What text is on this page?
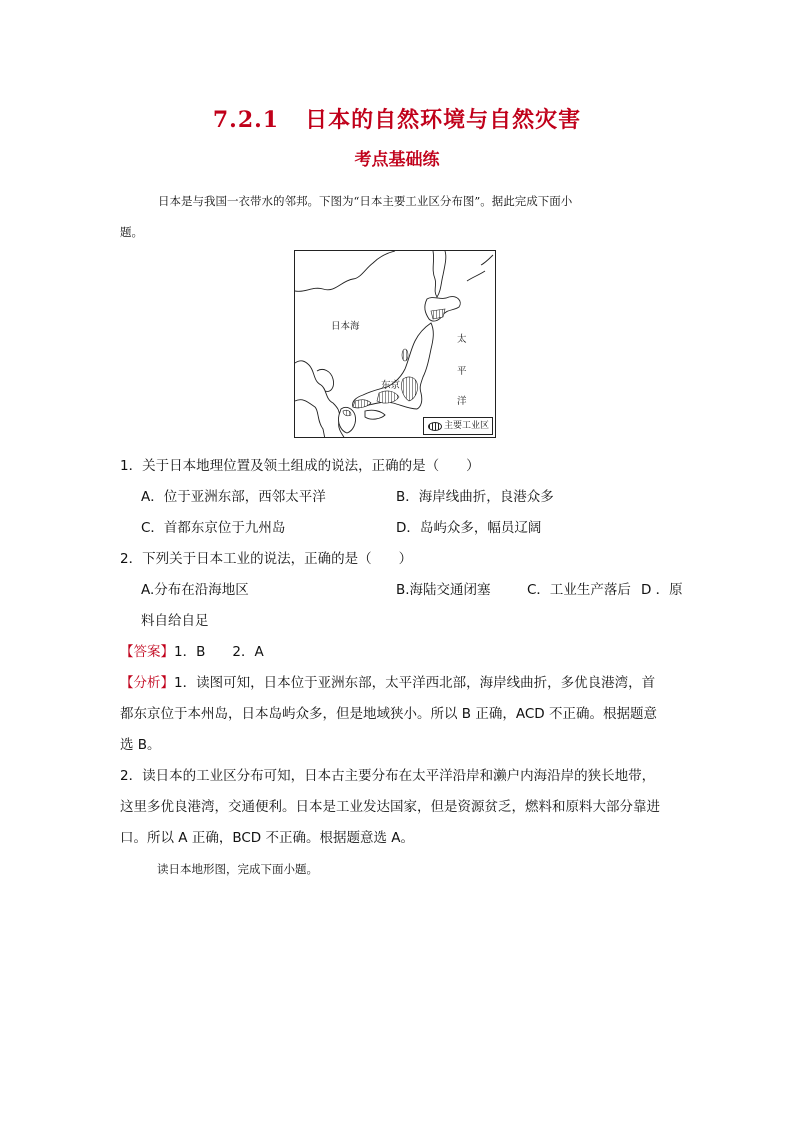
7.2.1 日本的自然环境与自然灾害
考点基础练
日本是与我国一衣带水的邻邦。下图为“日本主要工业区分布图”。据此完成下面小
题。
日本海
东京
太
平
洋
主要工业区
1．关于日本地理位置及领土组成的说法，正确的是（　　）
A．位于亚洲东部，西邻太平洋	B．海岸线曲折，良港众多
C．首都东京位于九州岛	D．岛屿众多，幅员辽阔
2．下列关于日本工业的说法，正确的是（　　）
A.分布在沿海地区	B.海陆交通闭塞	C．工业生产落后 D ．原
料自给自足
【答案】1．B　　2．A
【分析】1．读图可知，日本位于亚洲东部，太平洋西北部，海岸线曲折，多优良港湾，首
都东京位于本州岛，日本岛屿众多，但是地域狭小。所以 B 正确，ACD 不正确。根据题意
选 B。
2．读日本的工业区分布可知，日本古主要分布在太平洋沿岸和濑户内海沿岸的狭长地带，
这里多优良港湾，交通便利。日本是工业发达国家，但是资源贫乏，燃料和原料大部分靠进
口。所以 A 正确，BCD 不正确。根据题意选 A。
读日本地形图，完成下面小题。
